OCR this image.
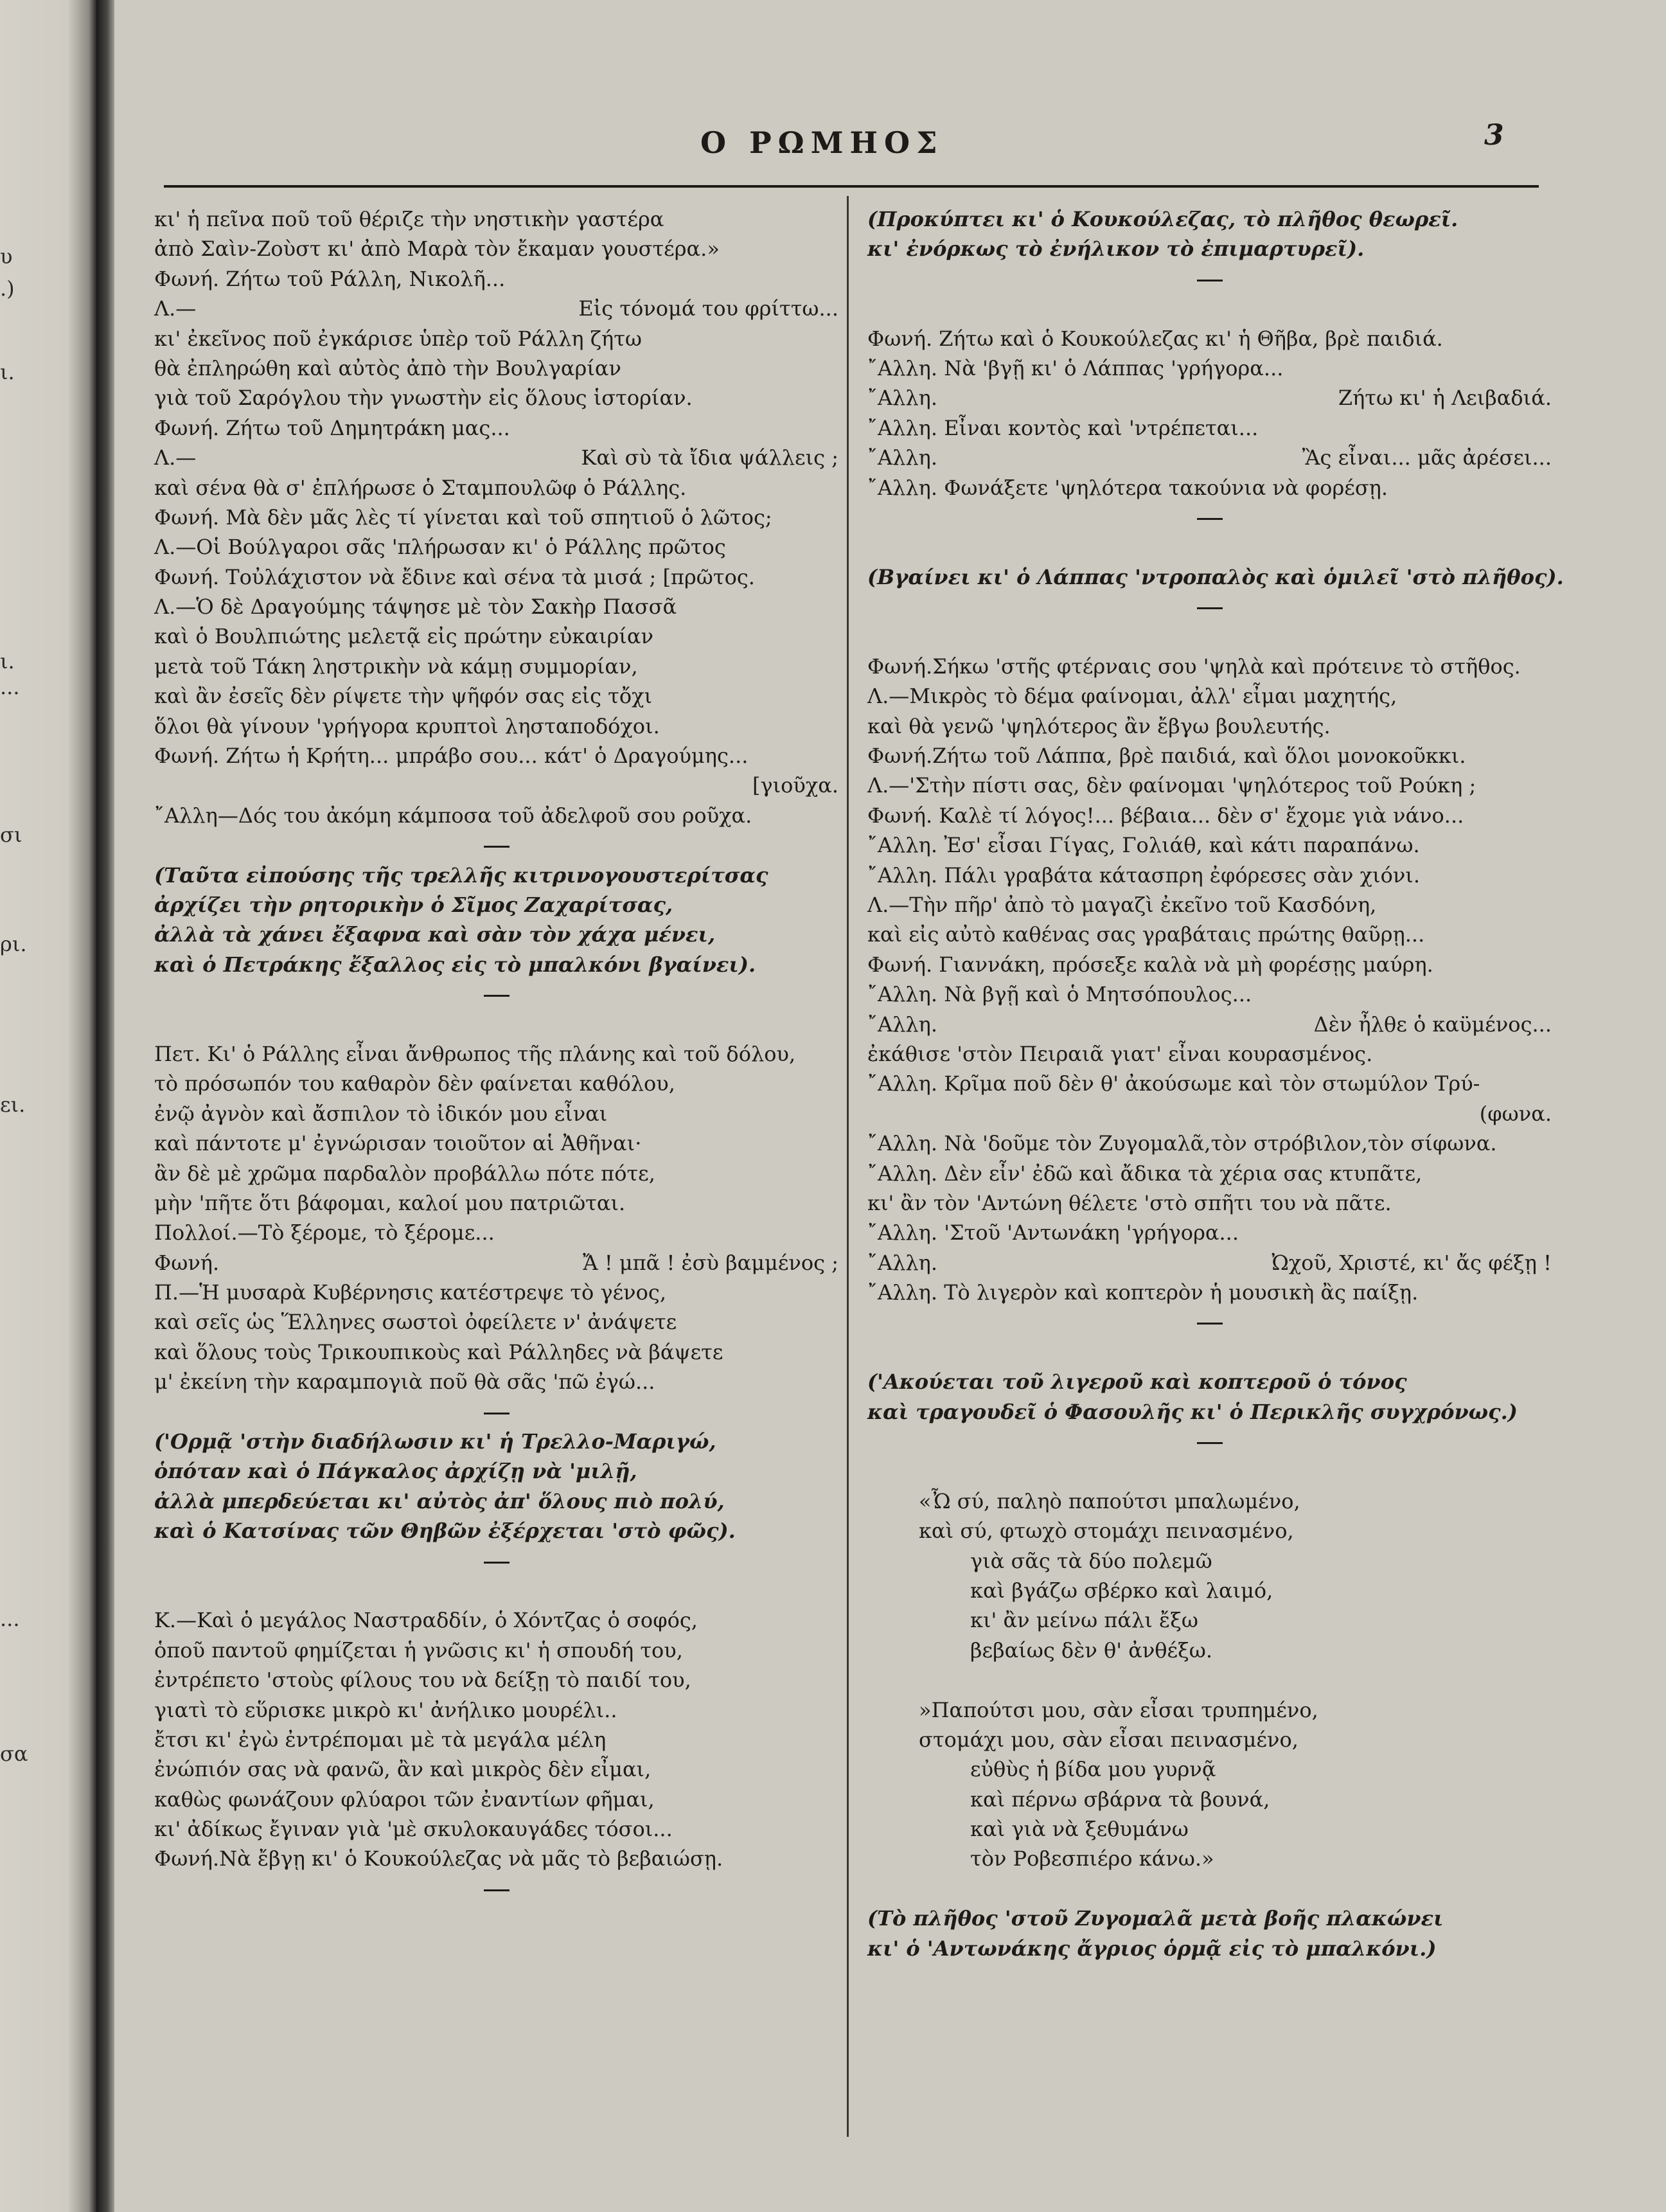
υ
.)
ι.
ι.
...
σι
ρι.
ει.
...
σα
Ο ΡΩΜΗΟΣ	3
κι' ἡ πεῖνα ποῦ τοῦ θέριζε τὴν νηστικὴν γαστέρα
ἀπὸ Σαὶν-Ζοὺστ κι' ἀπὸ Μαρὰ τὸν ἔκαμαν γουστέρα.»
Φωνή. Ζήτω τοῦ Ράλλη, Νικολῆ...
Λ.—	Εἰς τόνομά του φρίττω...
κι' ἐκεῖνος ποῦ ἐγκάρισε ὑπὲρ τοῦ Ράλλη ζήτω
θὰ ἐπληρώθη καὶ αὐτὸς ἀπὸ τὴν Βουλγαρίαν
γιὰ τοῦ Σαρόγλου τὴν γνωστὴν εἰς ὅλους ἱστορίαν.
Φωνή. Ζήτω τοῦ Δημητράκη μας...
Λ.—	Καὶ σὺ τὰ ἴδια ψάλλεις ;
καὶ σένα θὰ σ' ἐπλήρωσε ὁ Σταμπουλῶφ ὁ Ράλλης.
Φωνή. Μὰ δὲν μᾶς λὲς τί γίνεται καὶ τοῦ σπητιοῦ ὁ λῶτος;
Λ.—Οἱ Βούλγαροι σᾶς 'πλήρωσαν κι' ὁ Ράλλης πρῶτος
Φωνή. Τοὐλάχιστον νὰ ἔδινε καὶ σένα τὰ μισά ; [πρῶτος.
Λ.—Ὁ δὲ Δραγούμης τάψησε μὲ τὸν Σακὴρ Πασσᾶ
καὶ ὁ Βουλπιώτης μελετᾷ εἰς πρώτην εὐκαιρίαν
μετὰ τοῦ Τάκη ληστρικὴν νὰ κάμῃ συμμορίαν,
καὶ ἂν ἐσεῖς δὲν ρίψετε τὴν ψῆφόν σας εἰς τὄχι
ὅλοι θὰ γίνουν 'γρήγορα κρυπτοὶ λησταποδόχοι.
Φωνή. Ζήτω ἡ Κρήτη... μπράβο σου... κάτ' ὁ Δραγούμης...
[γιοῦχα.
῎Αλλη—Δός του ἀκόμη κάμποσα τοῦ ἀδελφοῦ σου ροῦχα.
(Ταῦτα εἰπούσης τῆς τρελλῆς κιτρινογουστερίτσας
ἀρχίζει τὴν ρητορικὴν ὁ Σῖμος Ζαχαρίτσας,
ἀλλὰ τὰ χάνει ἔξαφνα καὶ σὰν τὸν χάχα μένει,
καὶ ὁ Πετράκης ἔξαλλος εἰς τὸ μπαλκόνι βγαίνει).
Πετ. Κι' ὁ Ράλλης εἶναι ἄνθρωπος τῆς πλάνης καὶ τοῦ δόλου,
τὸ πρόσωπόν του καθαρὸν δὲν φαίνεται καθόλου,
ἐνῷ ἀγνὸν καὶ ἄσπιλον τὸ ἰδικόν μου εἶναι
καὶ πάντοτε μ' ἐγνώρισαν τοιοῦτον αἱ Ἀθῆναι·
ἂν δὲ μὲ χρῶμα παρδαλὸν προβάλλω πότε πότε,
μὴν 'πῆτε ὅτι βάφομαι, καλοί μου πατριῶται.
Πολλοί.—Τὸ ξέρομε, τὸ ξέρομε...
Φωνή.	Ἄ ! μπᾶ ! ἐσὺ βαμμένος ;
Π.—Ἡ μυσαρὰ Κυβέρνησις κατέστρεψε τὸ γένος,
καὶ σεῖς ὡς Ἕλληνες σωστοὶ ὀφείλετε ν' ἀνάψετε
καὶ ὅλους τοὺς Τρικουπικοὺς καὶ Ράλληδες νὰ βάψετε
μ' ἐκείνη τὴν καραμπογιὰ ποῦ θὰ σᾶς 'πῶ ἐγώ...
('Ορμᾷ 'στὴν διαδήλωσιν κι' ἡ Τρελλο-Μαριγώ,
ὁπόταν καὶ ὁ Πάγκαλος ἀρχίζῃ νὰ 'μιλῇ,
ἀλλὰ μπερδεύεται κι' αὐτὸς ἀπ' ὅλους πιὸ πολύ,
καὶ ὁ Κατσίνας τῶν Θηβῶν ἐξέρχεται 'στὸ φῶς).
Κ.—Καὶ ὁ μεγάλος Ναστραδδίν, ὁ Χόντζας ὁ σοφός,
ὁποῦ παντοῦ φημίζεται ἡ γνῶσις κι' ἡ σπουδή του,
ἐντρέπετο 'στοὺς φίλους του νὰ δείξῃ τὸ παιδί του,
γιατὶ τὸ εὕρισκε μικρὸ κι' ἀνήλικο μουρέλι..
ἔτσι κι' ἐγὼ ἐντρέπομαι μὲ τὰ μεγάλα μέλη
ἐνώπιόν σας νὰ φανῶ, ἂν καὶ μικρὸς δὲν εἶμαι,
καθὼς φωνάζουν φλύαροι τῶν ἐναντίων φῆμαι,
κι' ἀδίκως ἔγιναν γιὰ 'μὲ σκυλοκαυγάδες τόσοι...
Φωνή.Νὰ ἔβγῃ κι' ὁ Κουκούλεζας νὰ μᾶς τὸ βεβαιώσῃ.
(Προκύπτει κι' ὁ Κουκούλεζας, τὸ πλῆθος θεωρεῖ.
κι' ἐνόρκως τὸ ἐνήλικον τὸ ἐπιμαρτυρεῖ).
Φωνή. Ζήτω καὶ ὁ Κουκούλεζας κι' ἡ Θῆβα, βρὲ παιδιά.
῎Αλλη. Νὰ 'βγῇ κι' ὁ Λάππας 'γρήγορα...
῎Αλλη.	Ζήτω κι' ἡ Λειβαδιά.
῎Αλλη. Εἶναι κοντὸς καὶ 'ντρέπεται...
῎Αλλη.	Ἂς εἶναι... μᾶς ἀρέσει...
῎Αλλη. Φωνάξετε 'ψηλότερα τακούνια νὰ φορέσῃ.
(Βγαίνει κι' ὁ Λάππας 'ντροπαλὸς καὶ ὁμιλεῖ 'στὸ πλῆθος).
Φωνή.Σήκω 'στῆς φτέρναις σου 'ψηλὰ καὶ πρότεινε τὸ στῆθος.
Λ.—Μικρὸς τὸ δέμα φαίνομαι, ἀλλ' εἶμαι μαχητής,
καὶ θὰ γενῶ 'ψηλότερος ἂν ἔβγω βουλευτής.
Φωνή.Ζήτω τοῦ Λάππα, βρὲ παιδιά, καὶ ὅλοι μονοκοῦκκι.
Λ.—'Στὴν πίστι σας, δὲν φαίνομαι 'ψηλότερος τοῦ Ρούκη ;
Φωνή. Καλὲ τί λόγος!... βέβαια... δὲν σ' ἔχομε γιὰ νάνο...
῎Αλλη. Ἐσ' εἶσαι Γίγας, Γολιάθ, καὶ κάτι παραπάνω.
῎Αλλη. Πάλι γραβάτα κάτασπρη ἐφόρεσες σὰν χιόνι.
Λ.—Τὴν πῆρ' ἀπὸ τὸ μαγαζὶ ἐκεῖνο τοῦ Κασδόνη,
καὶ εἰς αὐτὸ καθένας σας γραβάταις πρώτης θαῦρῃ...
Φωνή. Γιαννάκη, πρόσεξε καλὰ νὰ μὴ φορέσῃς μαύρη.
῎Αλλη. Νὰ βγῇ καὶ ὁ Μητσόπουλος...
῎Αλλη.	Δὲν ἦλθε ὁ καϋμένος...
ἐκάθισε 'στὸν Πειραιᾶ γιατ' εἶναι κουρασμένος.
῎Αλλη. Κρῖμα ποῦ δὲν θ' ἀκούσωμε καὶ τὸν στωμύλον Τρύ-
(φωνα.
῎Αλλη. Νὰ 'δοῦμε τὸν Ζυγομαλᾶ,τὸν στρόβιλον,τὸν σίφωνα.
῎Αλλη. Δὲν εἶν' ἐδῶ καὶ ἄδικα τὰ χέρια σας κτυπᾶτε,
κι' ἂν τὸν 'Αντώνη θέλετε 'στὸ σπῆτι του νὰ πᾶτε.
῎Αλλη. 'Στοῦ 'Αντωνάκη 'γρήγορα...
῎Αλλη.	Ὠχοῦ, Χριστέ, κι' ἄς φέξῃ !
῎Αλλη. Τὸ λιγερὸν καὶ κοπτερὸν ἡ μουσικὴ ἂς παίξῃ.
('Ακούεται τοῦ λιγεροῦ καὶ κοπτεροῦ ὁ τόνος
καὶ τραγουδεῖ ὁ Φασουλῆς κι' ὁ Περικλῆς συγχρόνως.)
«Ὦ σύ, παληὸ παπούτσι μπαλωμένο,
καὶ σύ, φτωχὸ στομάχι πεινασμένο,
γιὰ σᾶς τὰ δύο πολεμῶ
καὶ βγάζω σβέρκο καὶ λαιμό,
κι' ἂν μείνω πάλι ἔξω
βεβαίως δὲν θ' ἀνθέξω.
»Παπούτσι μου, σὰν εἶσαι τρυπημένο,
στομάχι μου, σὰν εἶσαι πεινασμένο,
εὐθὺς ἡ βίδα μου γυρνᾷ
καὶ πέρνω σβάρνα τὰ βουνά,
καὶ γιὰ νὰ ξεθυμάνω
τὸν Ροβεσπιέρο κάνω.»
(Τὸ πλῆθος 'στοῦ Ζυγομαλᾶ μετὰ βοῆς πλακώνει
κι' ὁ 'Αντωνάκης ἄγριος ὁρμᾷ εἰς τὸ μπαλκόνι.)
